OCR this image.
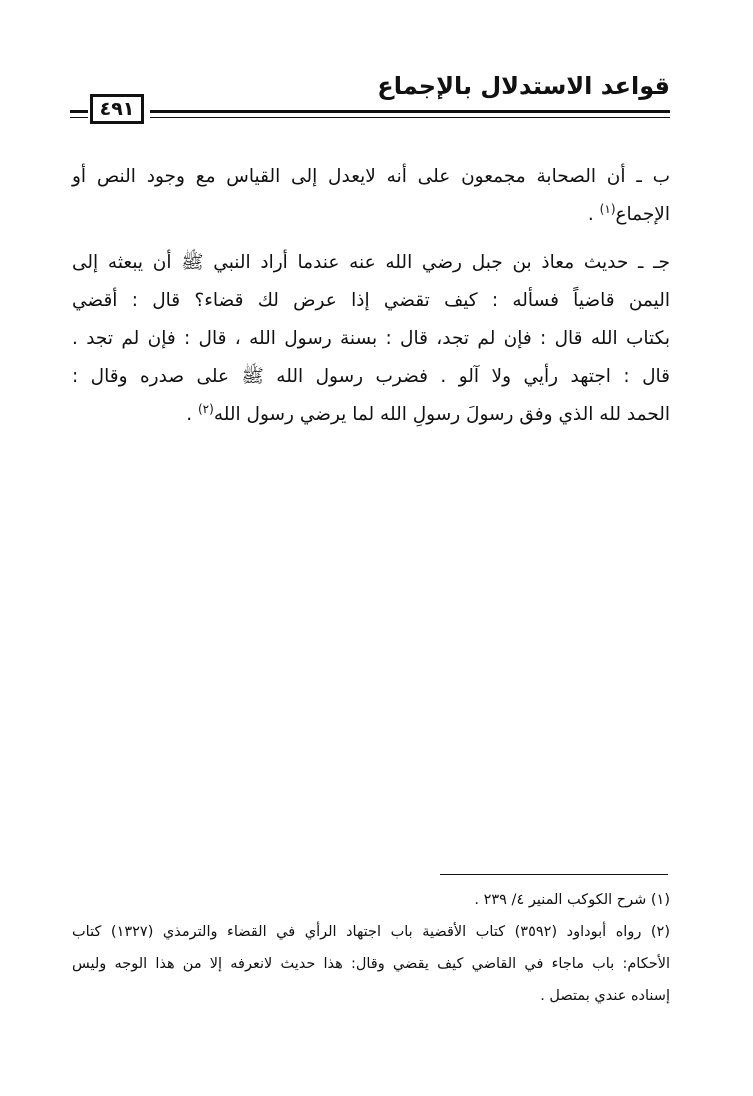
قواعد الاستدلال بالإجماع
٤٩١

ب ـ أن الصحابة مجمعون على أنه لايعدل إلى القياس مع وجود النص أو
الإجماع$^{(١)}$ .

جـ ـ حديث معاذ بن جبل رضي الله عنه عندما أراد النبي ﷺ أن يبعثه إلى
اليمن قاضياً فسأله : كيف تقضي إذا عرض لك قضاء؟ قال : أقضي
بكتاب الله قال : فإن لم تجد، قال : بسنة رسول الله ، قال : فإن لم تجد .
قال : اجتهد رأيي ولا آلو . فضرب رسول الله ﷺ على صدره وقال :
الحمد لله الذي وفق رسولَ رسولِ الله لما يرضي رسول الله$^{(٢)}$ .

(١) شرح الكوكب المنير ٤/ ٢٣٩ .

(٢) رواه أبوداود (٣٥٩٢) كتاب الأقضية باب اجتهاد الرأي في القضاء والترمذي (١٣٢٧) كتاب
الأحكام: باب ماجاء في القاضي كيف يقضي وقال: هذا حديث لانعرفه إلا من هذا الوجه وليس
إسناده عندي بمتصل .
